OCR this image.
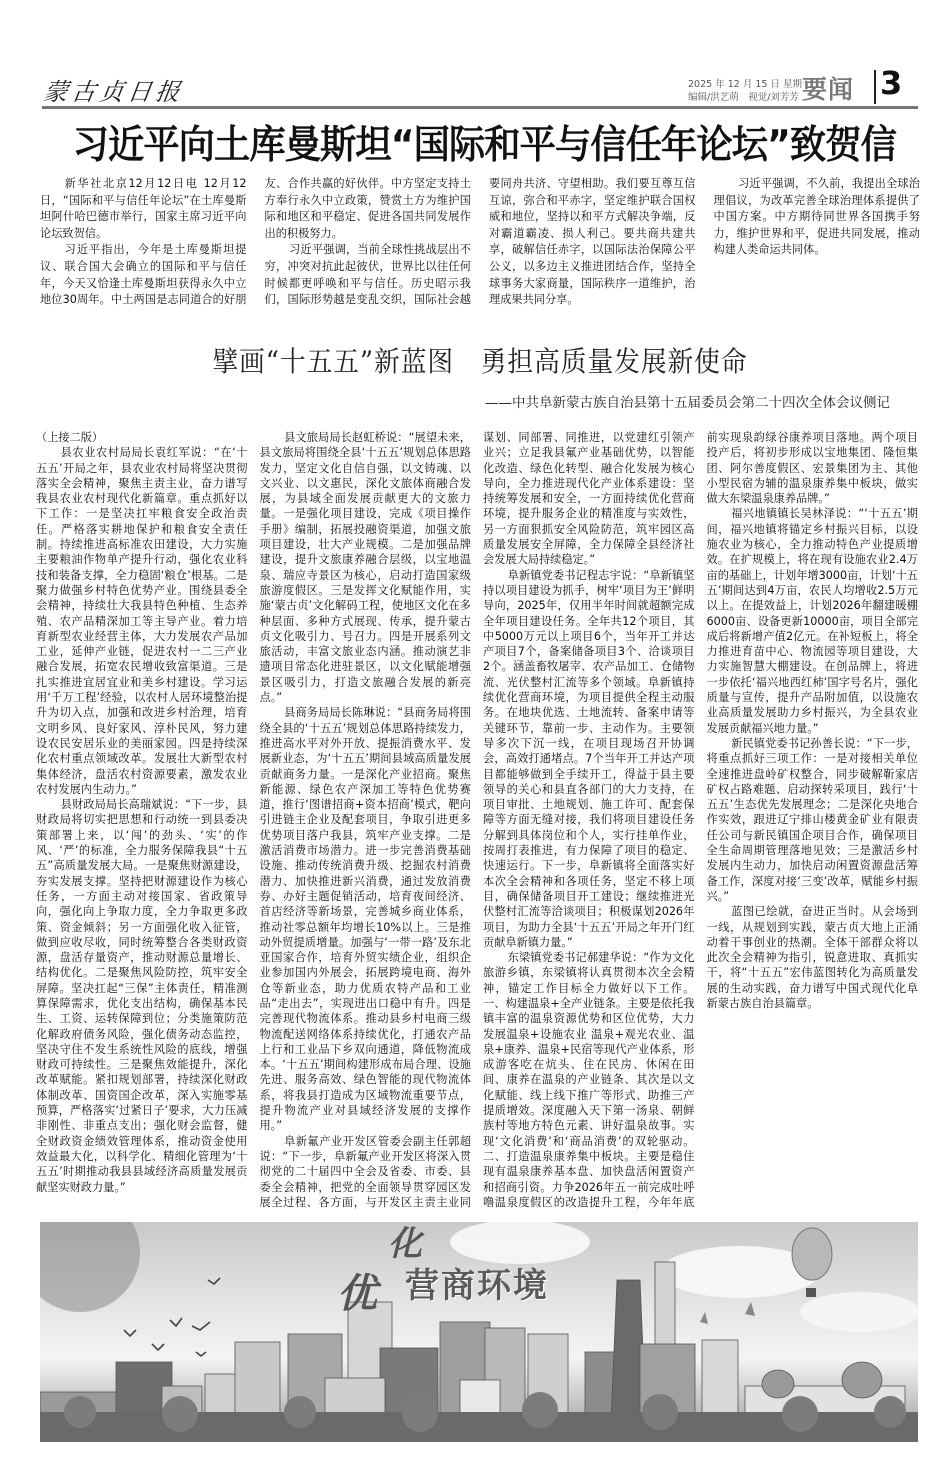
蒙古贞日报	2025 年 12 月 15 日 星期一
编辑/洪艺萌　视觉/刘芳芳 要闻 3
习近平向土库曼斯坦“国际和平与信任年论坛”致贺信

新华社北京12月12日电 12月12日，“国际和平与信任年论坛”在土库曼斯坦阿什哈巴德市举行，国家主席习近平向论坛致贺信。

习近平指出，今年是土库曼斯坦提议、联合国大会确立的国际和平与信任年，今天又恰逢土库曼斯坦获得永久中立地位30周年。中土两国是志同道合的好朋友、合作共赢的好伙伴。中方坚定支持土方奉行永久中立政策，赞赏土方为维护国际和地区和平稳定、促进各国共同发展作出的积极努力。

习近平强调，当前全球性挑战层出不穷，冲突对抗此起彼伏，世界比以往任何时候都更呼唤和平与信任。历史昭示我们，国际形势越是变乱交织，国际社会越要同舟共济、守望相助。我们要互尊互信互谅，弥合和平赤字，坚定维护联合国权威和地位，坚持以和平方式解决争端，反对霸道霸凌、损人利己。要共商共建共享，破解信任赤字，以国际法治保障公平公义，以多边主义推进团结合作，坚持全球事务大家商量，国际秩序一道维护，治理成果共同分享。

习近平强调，不久前，我提出全球治理倡议，为改革完善全球治理体系提供了中国方案。中方期待同世界各国携手努力，维护世界和平，促进共同发展，推动构建人类命运共同体。

擘画“十五五”新蓝图　勇担高质量发展新使命
——中共阜新蒙古族自治县第十五届委员会第二十四次全体会议侧记

（上接二版）

县农业农村局局长袁红军说：“在‘十五五’开局之年，县农业农村局将坚决贯彻落实全会精神，聚焦主责主业，奋力谱写我县农业农村现代化新篇章。重点抓好以下工作：一是坚决扛牢粮食安全政治责任。严格落实耕地保护和粮食安全责任制。持续推进高标准农田建设，大力实施主要粮油作物单产提升行动，强化农业科技和装备支撑，全力稳固‘粮仓’根基。二是聚力做强乡村特色优势产业。围绕县委全会精神，持续壮大我县特色种植、生态养殖、农产品精深加工等主导产业。着力培育新型农业经营主体，大力发展农产品加工业，延伸产业链，促进农村一二三产业融合发展，拓宽农民增收致富渠道。三是扎实推进宜居宜业和美乡村建设。学习运用‘千万工程’经验，以农村人居环境整治提升为切入点，加强和改进乡村治理，培育文明乡风、良好家风、淳朴民风，努力建设农民安居乐业的美丽家园。四是持续深化农村重点领域改革。发展壮大新型农村集体经济，盘活农村资源要素，激发农业农村发展内生动力。”

县财政局局长高瑞斌说：“下一步，县财政局将切实把思想和行动统一到县委决策部署上来，以‘闯’的劲头、‘实’的作风、‘严’的标准，全力服务保障我县“十五五”高质量发展大局。一是聚焦财源建设，夯实发展支撑。坚持把财源建设作为核心任务，一方面主动对接国家、省政策导向，强化向上争取力度，全力争取更多政策、资金倾斜；另一方面强化收入征管，做到应收尽收，同时统筹整合各类财政资源，盘活存量资产，推动财源总量增长、结构优化。二是聚焦风险防控，筑牢安全屏障。坚决扛起“三保”主体责任，精准测算保障需求，优化支出结构，确保基本民生、工资、运转保障到位；分类施策防范化解政府债务风险，强化债务动态监控，坚决守住不发生系统性风险的底线，增强财政可持续性。三是聚焦效能提升，深化改革赋能。紧扣规划部署，持续深化财政体制改革、国资国企改革，深入实施零基预算，严格落实‘过紧日子’要求，大力压减非刚性、非重点支出；强化财会监督，健全财政资金绩效管理体系，推动资金使用效益最大化，以科学化、精细化管理为‘十五五’时期推动我县县域经济高质量发展贡献坚实财政力量。”

县文旅局局长赵虹桥说：“展望未来，县文旅局将围绕全县‘十五五’规划总体思路发力，坚定文化自信自强，以文铸魂、以文兴业、以文惠民，深化文旅体商融合发展，为县域全面发展贡献更大的文旅力量。一是强化项目建设，完成《项目操作手册》编制，拓展投融资渠道，加强文旅项目建设，壮大产业规模。二是加强品牌建设，提升文旅康养融合层级，以宝地温泉、瑞应寺景区为核心，启动打造国家级旅游度假区。三是发挥文化赋能作用，实施‘蒙古贞’文化解码工程，使地区文化在多种层面、多种方式展现、传承，提升蒙古贞文化吸引力、号召力。四是开展系列文旅活动，丰富文旅业态内涵。推动演艺非遗项目常态化进驻景区，以文化赋能增强景区吸引力，打造文旅融合发展的新亮点。”

县商务局局长陈琳说：“县商务局将围绕全县的‘十五五’规划总体思路持续发力，推进高水平对外开放、提振消费水平、发展新业态，为‘十五五’期间县域高质量发展贡献商务力量。一是深化产业招商。聚焦新能源、绿色农产深加工等特色优势赛道，推行‘图谱招商+资本招商’模式，靶向引进链主企业及配套项目，争取引进更多优势项目落户我县，筑牢产业支撑。二是激活消费市场潜力。进一步完善消费基础设施、推动传统消费升级、挖掘农村消费潜力、加快推进新兴消费，通过发放消费券、办好主题促销活动，培育夜间经济、首店经济等新场景，完善城乡商业体系，推动社零总额年均增长10%以上。三是推动外贸提质增量。加强与‘一带一路’及东北亚国家合作，培育外贸实绩企业，组织企业参加国内外展会，拓展跨境电商、海外仓等新业态，助力优质农特产品和工业品“走出去”，实现进出口稳中有升。四是完善现代物流体系。推动县乡村电商三级物流配送网络体系持续优化，打通农产品上行和工业品下乡双向通道，降低物流成本。‘十五五’期间构建形成布局合理、设施先进、服务高效、绿色智能的现代物流体系，将我县打造成为区域物流重要节点，提升物流产业对县域经济发展的支撑作用。”

阜新氟产业开发区管委会副主任郭超说：“下一步，阜新氟产业开发区将深入贯彻党的二十届四中全会及省委、市委、县委全会精神，把党的全面领导贯穿园区发展全过程、各方面，与开发区主责主业同谋划、同部署、同推进，以党建红引领产业兴；立足我县氟产业基础优势，以智能化改造、绿色化转型、融合化发展为核心导向，全力推进现代化产业体系建设：坚持统筹发展和安全，一方面持续优化营商环境，提升服务企业的精准度与实效性，另一方面狠抓安全风险防范，筑牢园区高质量发展安全屏障，全力保障全县经济社会发展大局持续稳定。”

阜新镇党委书记程志宇说：“阜新镇坚持以项目建设为抓手，树牢‘项目为王’鲜明导向，2025年，仅用半年时间就超额完成全年项目建设任务。全年共12个项目，其中5000万元以上项目6个，当年开工并达产项目7个，备案储备项目3个、洽谈项目2个。涵盖畜牧屠宰、农产品加工、仓储物流、光伏整村汇流等多个领域。阜新镇持续优化营商环境，为项目提供全程主动服务。在地块优选、土地流转、备案申请等关键环节，靠前一步、主动作为。主要领导多次下沉一线，在项目现场召开协调会，高效打通堵点。7个当年开工并达产项目都能够做到全手续开工，得益于县主要领导的关心和县直各部门的大力支持，在项目审批、土地规划、施工许可、配套保障等方面无缝对接，我们将项目建设任务分解到具体岗位和个人，实行挂单作业，按周打表推进，有力保障了项目的稳定、快速运行。下一步，阜新镇将全面落实好本次全会精神和各项任务，坚定不移上项目，确保储备项目开工建设；继续推进光伏整村汇流等洽谈项目；积极谋划2026年项目，为助力全县‘十五五’开局之年开门红贡献阜新镇力量。”

东梁镇党委书记郝建华说：“作为文化旅游乡镇，东梁镇将认真贯彻本次全会精神，锚定工作目标全力做好以下工作。一、构建温泉+全产业链条。主要是依托我镇丰富的温泉资源优势和区位优势，大力发展温泉+设施农业 温泉+观光农业、温泉+康养、温泉+民宿等现代产业体系，形成游客吃在炕头、住在民房、休闲在田间、康养在温泉的产业链条、其次是以文化赋能、线上线下推广等形式、助推三产提质增效。深度融入天下第一汤泉、朝鲜族村等地方特色元素、讲好温泉故事。实现‘文化消费’和‘商品消费’的双轮驱动。二、打造温泉康养集中板块。主要是稳住现有温泉康养基本盘、加快盘活闲置资产和招商引资。力争2026年五一前完成吐呼噜温泉度假区的改造提升工程，今年年底前实现泉韵绿谷康养项目落地。两个项目投产后，将初步形成以宝地集团、隆恒集团、阿尔善度假区、宏景集团为主、其他小型民宿为辅的温泉康养集中板块，做实做大东梁温泉康养品牌。”

福兴地镇镇长吴林泽说：“‘十五五’期间，福兴地镇将锚定乡村振兴目标，以设施农业为核心，全力推动特色产业提质增效。在扩规模上，将在现有设施农业2.4万亩的基础上，计划年增3000亩，计划‘十五五’期间达到4万亩，农民人均增收2.5万元以上。在提效益上，计划2026年翻建暖棚6000亩、设备更新10000亩，项目全部完成后将新增产值2亿元。在补短板上，将全力推进育苗中心、物流园等项目建设，大力实施智慧大棚建设。在创品牌上，将进一步依托‘福兴地西红柿’国字号名片，强化质量与宣传，提升产品附加值，以设施农业高质量发展助力乡村振兴，为全县农业发展贡献福兴地力量。”

新民镇党委书记孙善长说：“下一步，将重点抓好三项工作：一是对接相关单位全速推进盘岭矿权整合，同步破解靳家店矿权占路难题、启动探转采项目，践行‘十五五’生态优先发展理念；二是深化央地合作实效，跟进辽宁排山楼黄金矿业有限责任公司与新民镇国企项目合作，确保项目全生命周期管理落地见效；三是激活乡村发展内生动力，加快启动闲置资源盘活筹备工作，深度对接‘三变’改革，赋能乡村振兴。”

蓝图已绘就，奋进正当时。从会场到一线，从规划到实践，蒙古贞大地上正涌动着干事创业的热潮。全体干部群众将以此次全会精神为指引，锐意进取、真抓实干，将“十五五”宏伟蓝图转化为高质量发展的生动实践，奋力谱写中国式现代化阜新蒙古族自治县篇章。

优
化
营商环境
